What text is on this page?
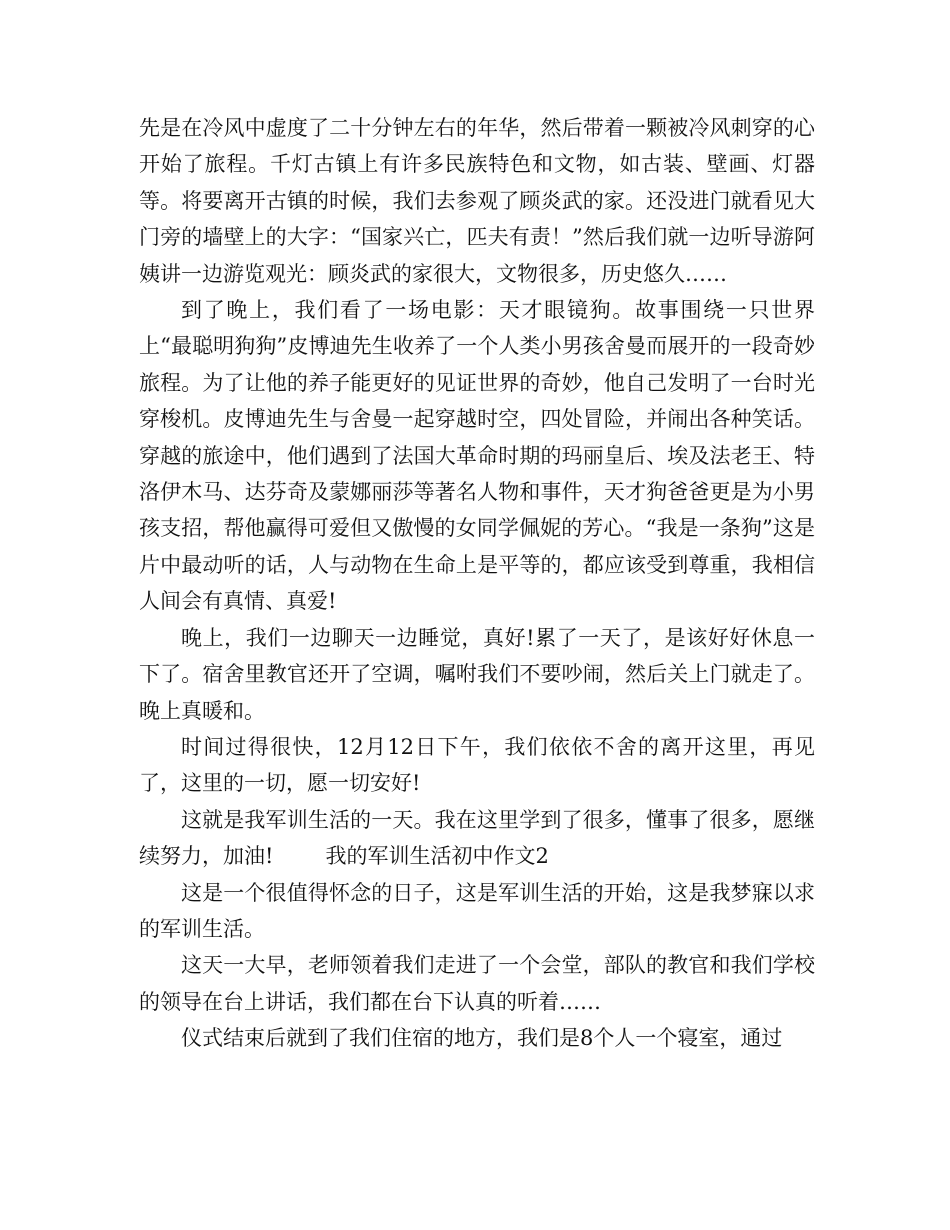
先是在冷风中虚度了二十分钟左右的年华，然后带着一颗被冷风刺穿的心开始了旅程。千灯古镇上有许多民族特色和文物，如古装、壁画、灯器等。将要离开古镇的时候，我们去参观了顾炎武的家。还没进门就看见大门旁的墙壁上的大字：“国家兴亡，匹夫有责！”然后我们就一边听导游阿姨讲一边游览观光：顾炎武的家很大，文物很多，历史悠久……

到了晚上，我们看了一场电影：天才眼镜狗。故事围绕一只世界上“最聪明狗狗”皮博迪先生收养了一个人类小男孩舍曼而展开的一段奇妙旅程。为了让他的养子能更好的见证世界的奇妙，他自己发明了一台时光穿梭机。皮博迪先生与舍曼一起穿越时空，四处冒险，并闹出各种笑话。穿越的旅途中，他们遇到了法国大革命时期的玛丽皇后、埃及法老王、特洛伊木马、达芬奇及蒙娜丽莎等著名人物和事件，天才狗爸爸更是为小男孩支招，帮他赢得可爱但又傲慢的女同学佩妮的芳心。“我是一条狗”这是片中最动听的话，人与动物在生命上是平等的，都应该受到尊重，我相信人间会有真情、真爱!

晚上，我们一边聊天一边睡觉，真好!累了一天了，是该好好休息一下了。宿舍里教官还开了空调，嘱咐我们不要吵闹，然后关上门就走了。晚上真暖和。

时间过得很快，12月12日下午，我们依依不舍的离开这里，再见了，这里的一切，愿一切安好!

这就是我军训生活的一天。我在这里学到了很多，懂事了很多，愿继续努力，加油! 我的军训生活初中作文2

这是一个很值得怀念的日子，这是军训生活的开始，这是我梦寐以求的军训生活。

这天一大早，老师领着我们走进了一个会堂，部队的教官和我们学校的领导在台上讲话，我们都在台下认真的听着……

仪式结束后就到了我们住宿的地方，我们是8个人一个寝室，通过
